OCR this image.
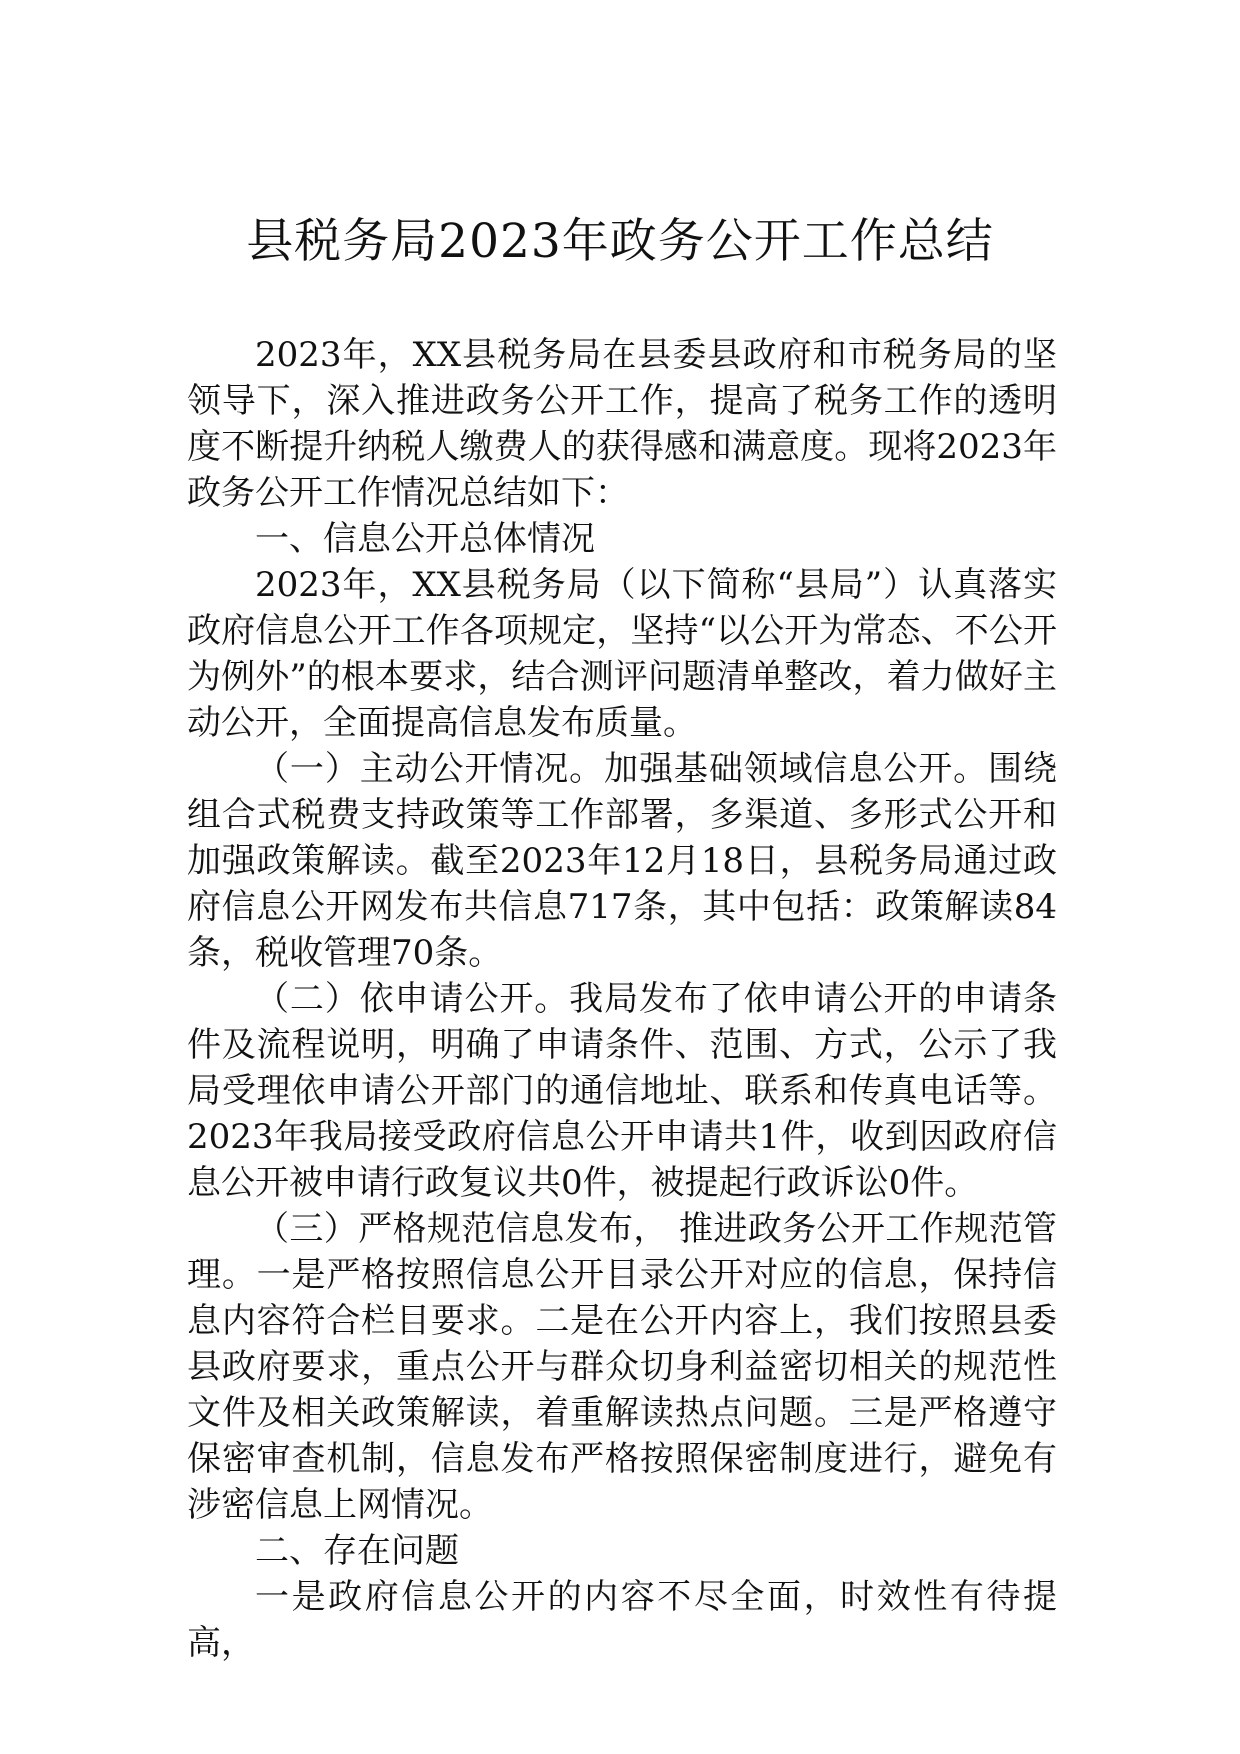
县税务局2023年政务公开工作总结

2023年，XX县税务局在县委县政府和市税务局的坚领导下，深入推进政务公开工作，提高了税务工作的透明度不断提升纳税人缴费人的获得感和满意度。现将2023年政务公开工作情况总结如下：

一、信息公开总体情况

2023年，XX县税务局（以下简称“县局”）认真落实政府信息公开工作各项规定，坚持“以公开为常态、不公开为例外”的根本要求，结合测评问题清单整改，着力做好主动公开，全面提高信息发布质量。

（一）主动公开情况。加强基础领域信息公开。围绕组合式税费支持政策等工作部署，多渠道、多形式公开和加强政策解读。截至2023年12月18日，县税务局通过政府信息公开网发布共信息717条，其中包括：政策解读84条，税收管理70条。

（二）依申请公开。我局发布了依申请公开的申请条件及流程说明，明确了申请条件、范围、方式，公示了我局受理依申请公开部门的通信地址、联系和传真电话等。2023年我局接受政府信息公开申请共1件，收到因政府信息公开被申请行政复议共0件，被提起行政诉讼0件。

（三）严格规范信息发布， 推进政务公开工作规范管理。一是严格按照信息公开目录公开对应的信息，保持信息内容符合栏目要求。二是在公开内容上，我们按照县委县政府要求，重点公开与群众切身利益密切相关的规范性文件及相关政策解读，着重解读热点问题。三是严格遵守保密审查机制，信息发布严格按照保密制度进行，避免有涉密信息上网情况。

二、存在问题

一是政府信息公开的内容不尽全面，时效性有待提高，
